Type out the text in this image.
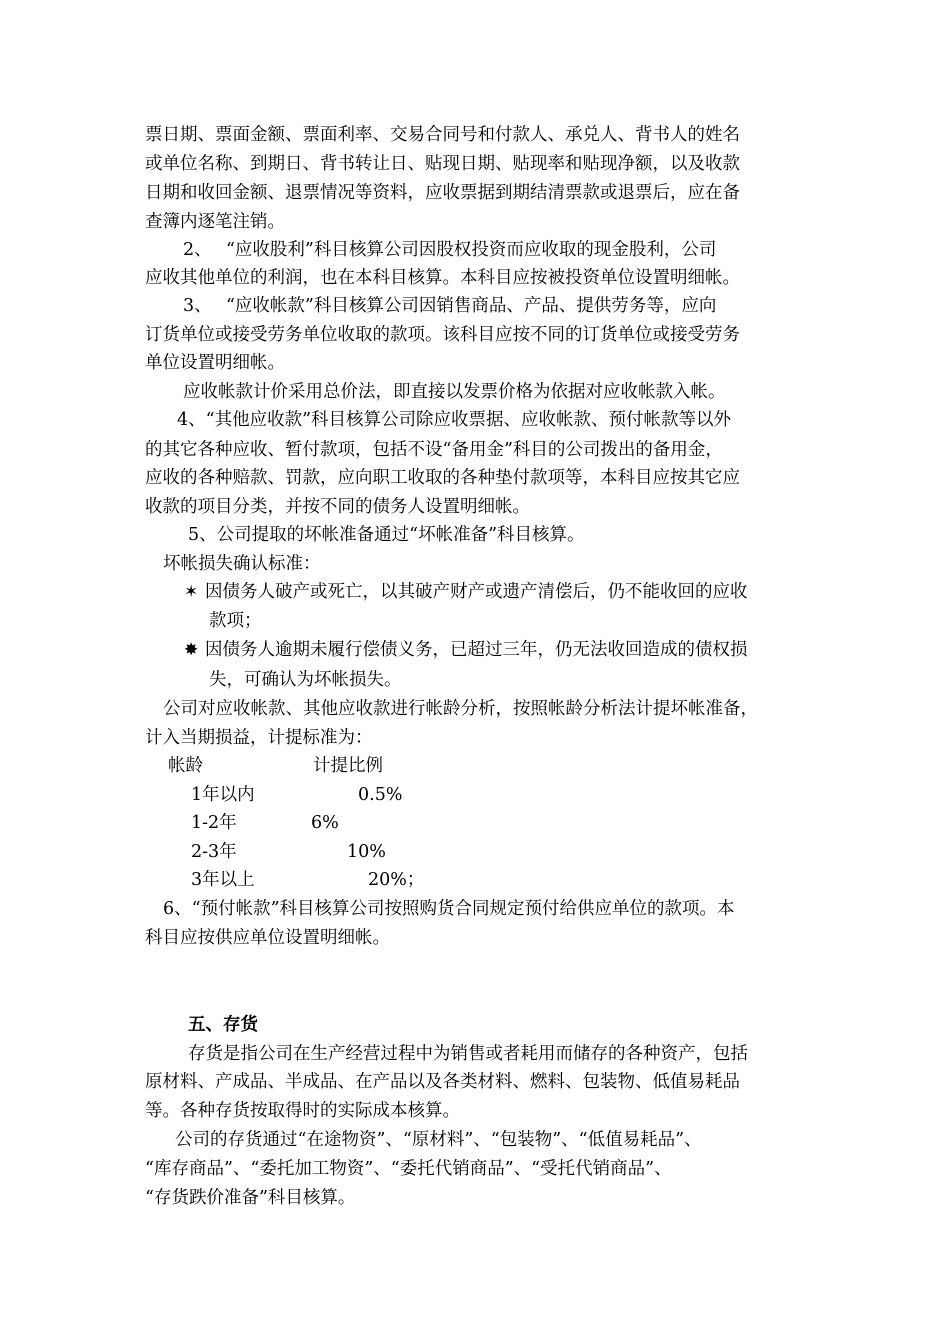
票日期、票面金额、票面利率、交易合同号和付款人、承兑人、背书人的姓名
或单位名称、到期日、背书转让日、贴现日期、贴现率和贴现净额，以及收款
日期和收回金额、退票情况等资料，应收票据到期结清票款或退票后，应在备
查簿内逐笔注销。
2、　 “应收股利”科目核算公司因股权投资而应收取的现金股利，公司
应收其他单位的利润，也在本科目核算。本科目应按被投资单位设置明细帐。
3、　 “应收帐款”科目核算公司因销售商品、产品、提供劳务等，应向
订货单位或接受劳务单位收取的款项。该科目应按不同的订货单位或接受劳务
单位设置明细帐。
应收帐款计价采用总价法，即直接以发票价格为依据对应收帐款入帐。
4、“其他应收款”科目核算公司除应收票据、应收帐款、预付帐款等以外
的其它各种应收、暂付款项，包括不设“备用金”科目的公司拨出的备用金，
应收的各种赔款、罚款，应向职工收取的各种垫付款项等，本科目应按其它应
收款的项目分类，并按不同的债务人设置明细帐。
5、公司提取的坏帐准备通过“坏帐准备”科目核算。
坏帐损失确认标准：
✶ 因债务人破产或死亡，以其破产财产或遗产清偿后，仍不能收回的应收
款项；
✸ 因债务人逾期未履行偿债义务，已超过三年，仍无法收回造成的债权损
失，可确认为坏帐损失。
公司对应收帐款、其他应收款进行帐龄分析，按照帐龄分析法计提坏帐准备，
计入当期损益，计提标准为：
帐龄	计提比例
1年以内	0.5%
1-2年	6%
2-3年	10%
3年以上	20%；
6、“预付帐款”科目核算公司按照购货合同规定预付给供应单位的款项。本
科目应按供应单位设置明细帐。
五、存货
存货是指公司在生产经营过程中为销售或者耗用而储存的各种资产，包括
原材料、产成品、半成品、在产品以及各类材料、燃料、包装物、低值易耗品
等。各种存货按取得时的实际成本核算。
公司的存货通过“在途物资”、“原材料”、“包装物”、“低值易耗品”、
“库存商品”、“委托加工物资”、“委托代销商品”、“受托代销商品”、
“存货跌价准备”科目核算。
